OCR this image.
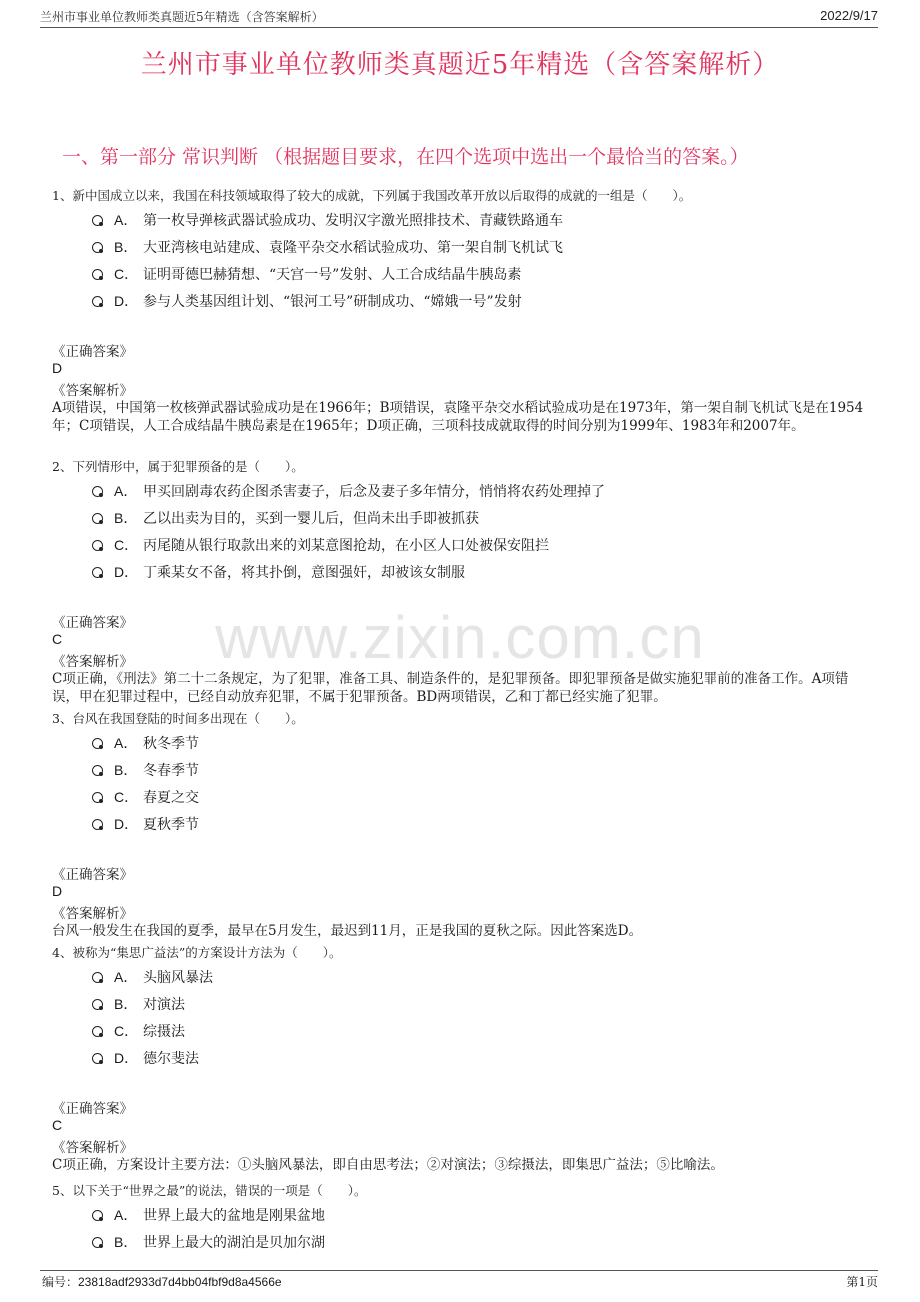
兰州市事业单位教师类真题近5年精选（含答案解析）	2022/9/17
兰州市事业单位教师类真题近5年精选（含答案解析）
一、第一部分 常识判断 （根据题目要求，在四个选项中选出一个最恰当的答案。）
www.zixin.com.cn
1、新中国成立以来，我国在科技领域取得了较大的成就，下列属于我国改革开放以后取得的成就的一组是（　　）。
A． 第一枚导弹核武器试验成功、发明汉字激光照排技术、青藏铁路通车
B． 大亚湾核电站建成、袁隆平杂交水稻试验成功、第一架自制飞机试飞
C． 证明哥德巴赫猜想、“天宫一号”发射、人工合成结晶牛胰岛素
D． 参与人类基因组计划、“银河工号”研制成功、“嫦娥一号”发射
《正确答案》
D
《答案解析》
A项错误，中国第一枚核弹武器试验成功是在1966年；B项错误，袁隆平杂交水稻试验成功是在1973年，第一架自制飞机试飞是在1954年；C项错误，人工合成结晶牛胰岛素是在1965年；D项正确，三项科技成就取得的时间分别为1999年、1983年和2007年。
2、下列情形中，属于犯罪预备的是（　　）。
A． 甲买回剧毒农药企图杀害妻子，后念及妻子多年情分，悄悄将农药处理掉了
B． 乙以出卖为目的，买到一婴儿后，但尚未出手即被抓获
C． 丙尾随从银行取款出来的刘某意图抢劫，在小区人口处被保安阻拦
D． 丁乘某女不备，将其扑倒，意图强奸，却被该女制服
《正确答案》
C
《答案解析》
C项正确，《刑法》第二十二条规定，为了犯罪，准备工具、制造条件的，是犯罪预备。即犯罪预备是做实施犯罪前的准备工作。A项错误，甲在犯罪过程中，已经自动放弃犯罪，不属于犯罪预备。BD两项错误，乙和丁都已经实施了犯罪。
3、台风在我国登陆的时间多出现在（　　）。
A． 秋冬季节
B． 冬春季节
C． 春夏之交
D． 夏秋季节
《正确答案》
D
《答案解析》
台风一般发生在我国的夏季，最早在5月发生，最迟到11月，正是我国的夏秋之际。因此答案选D。
4、被称为“集思广益法”的方案设计方法为（　　）。
A． 头脑风暴法
B． 对演法
C． 综摄法
D． 德尔斐法
《正确答案》
C
《答案解析》
C项正确，方案设计主要方法：①头脑风暴法，即自由思考法；②对演法；③综摄法，即集思广益法；⑤比喻法。
5、以下关于“世界之最”的说法，错误的一项是（　　）。
A． 世界上最大的盆地是刚果盆地
B． 世界上最大的湖泊是贝加尔湖
编号：23818adf2933d7d4bb04fbf9d8a4566e	第1页
